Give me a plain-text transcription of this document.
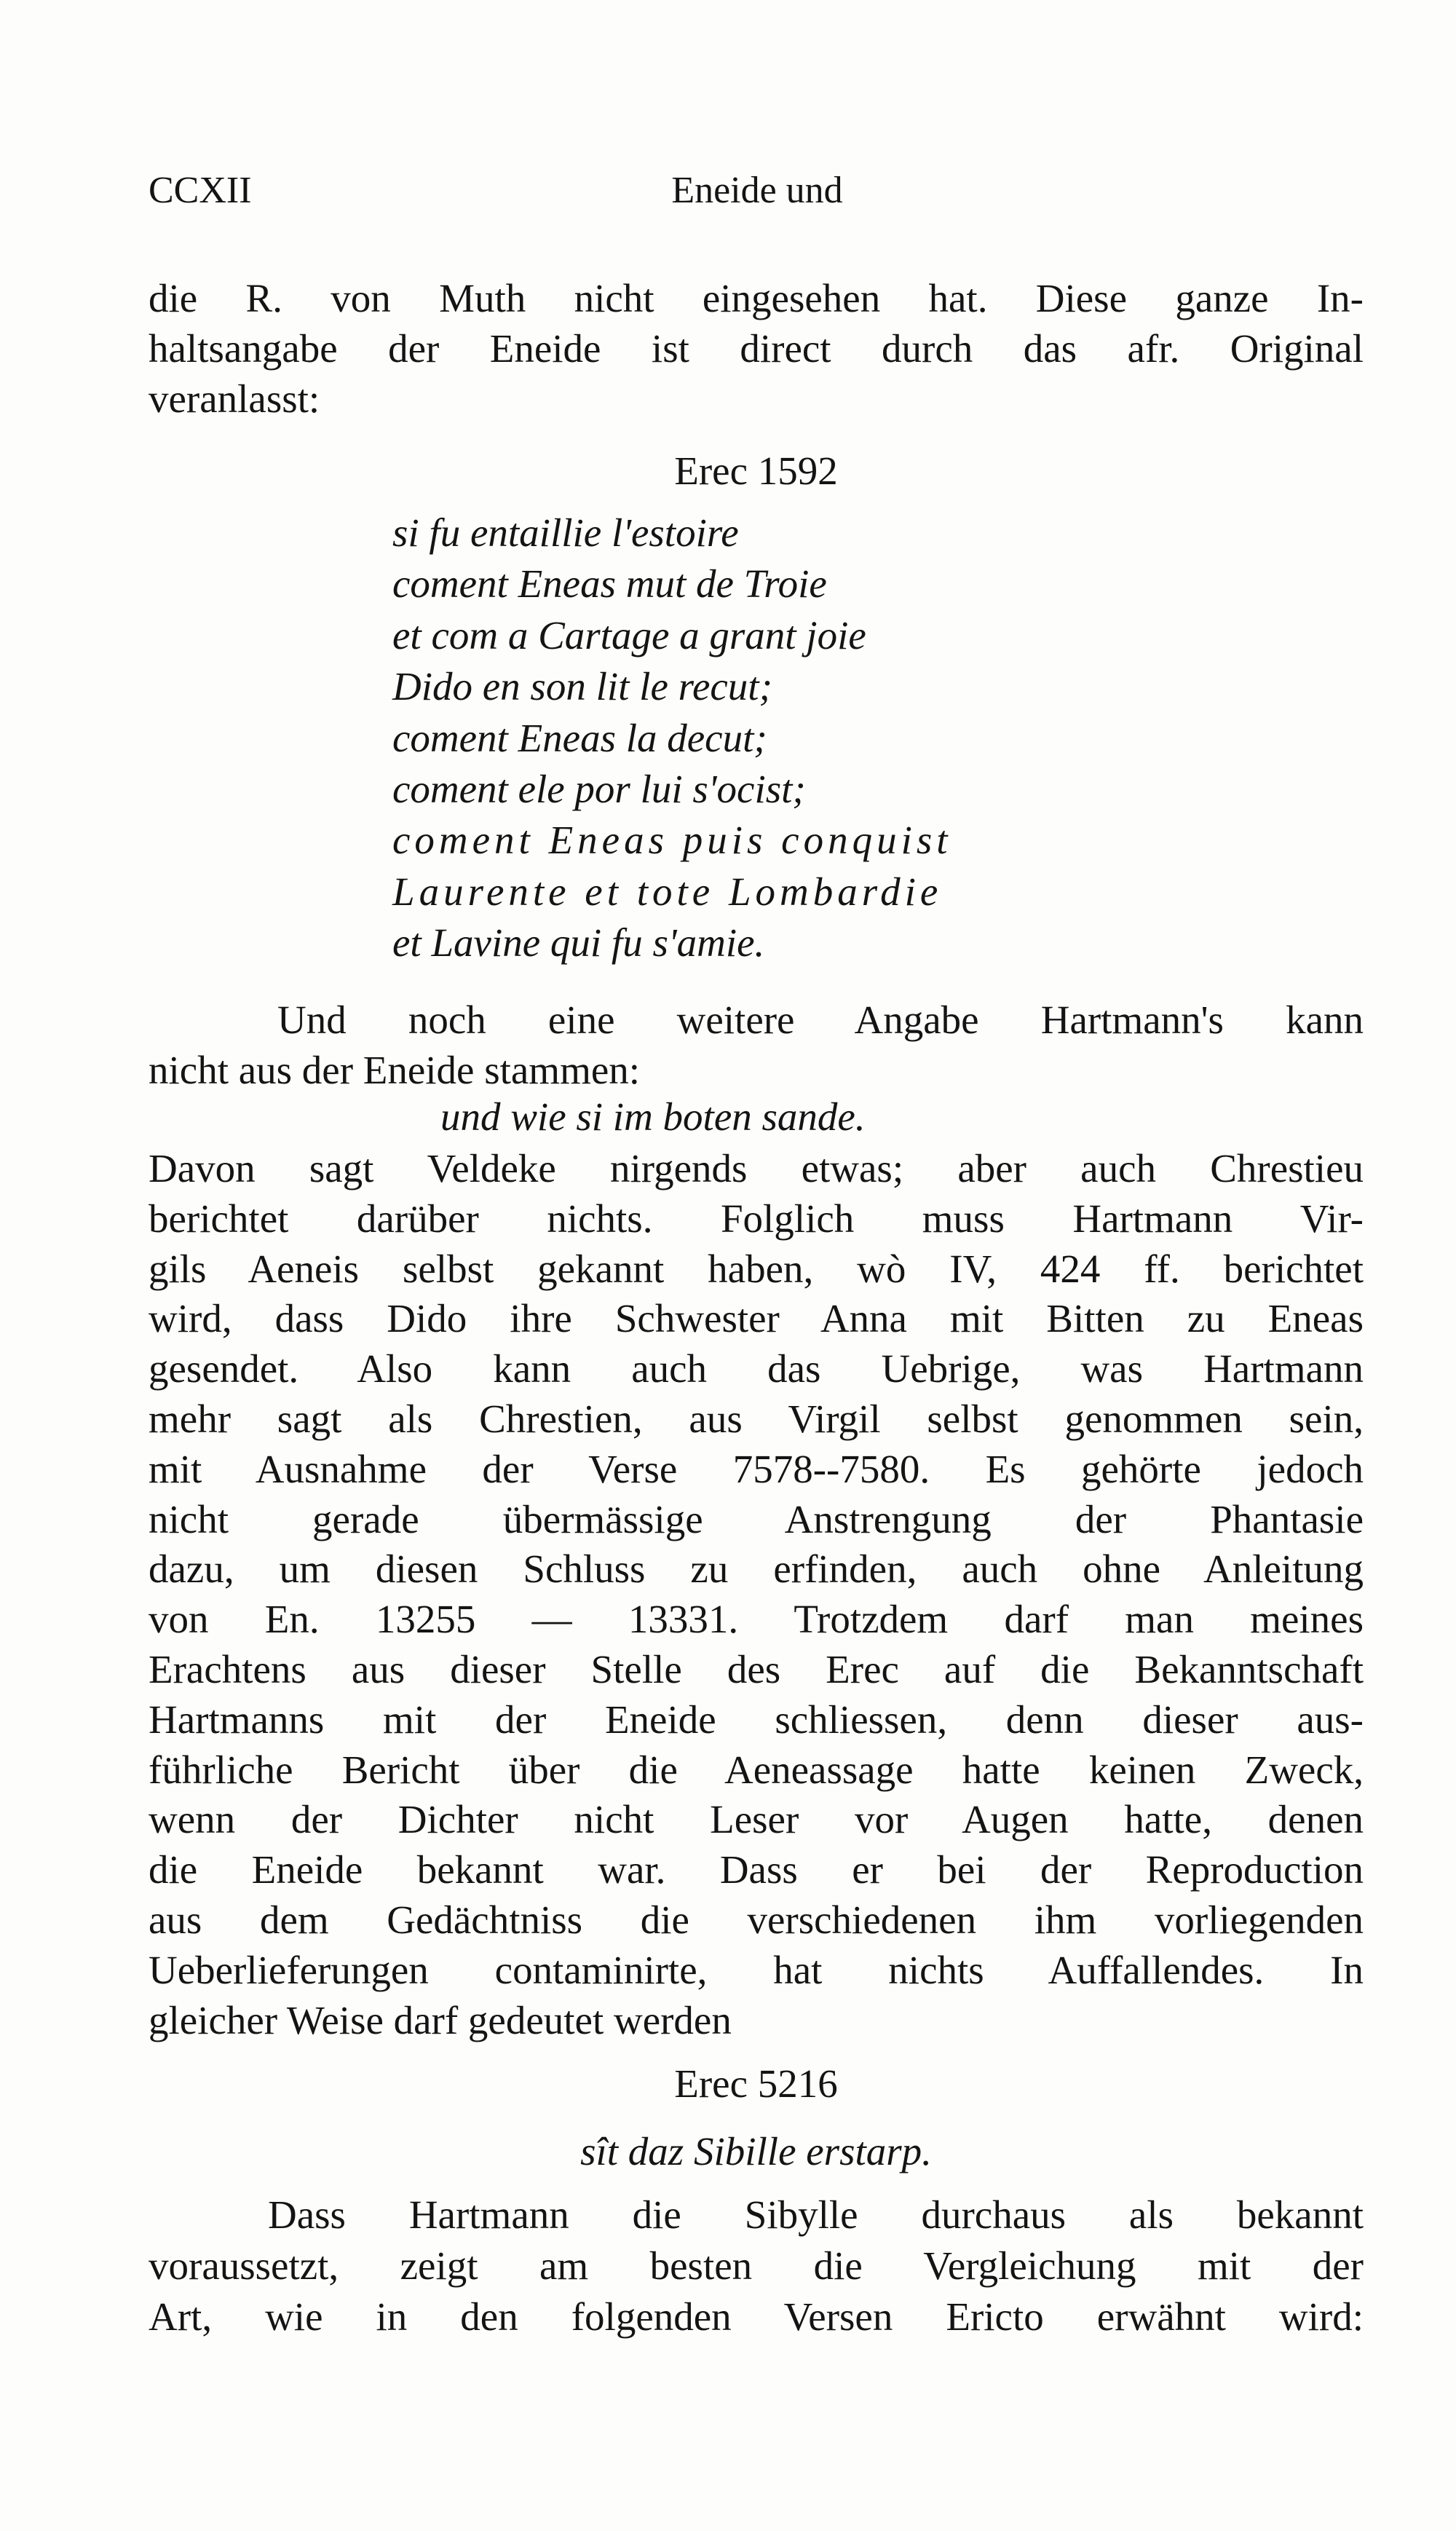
CCXII	Eneide und
die R. von Muth nicht eingesehen hat. Diese ganze In-
haltsangabe der Eneide ist direct durch das afr. Original
veranlasst:
Erec 1592
si fu entaillie l'estoire
coment Eneas mut de Troie
et com a Cartage a grant joie
Dido en son lit le recut;
coment Eneas la decut;
coment ele por lui s'ocist;
coment Eneas puis conquist
Laurente et tote Lombardie
et Lavine qui fu s'amie.
Und noch eine weitere Angabe Hartmann's kann
nicht aus der Eneide stammen:
und wie si im boten sande.
Davon sagt Veldeke nirgends etwas; aber auch Chrestieu
berichtet darüber nichts. Folglich muss Hartmann Vir-
gils Aeneis selbst gekannt haben, wò IV, 424 ff. berichtet
wird, dass Dido ihre Schwester Anna mit Bitten zu Eneas
gesendet. Also kann auch das Uebrige, was Hartmann
mehr sagt als Chrestien, aus Virgil selbst genommen sein,
mit Ausnahme der Verse 7578--7580. Es gehörte jedoch
nicht gerade übermässige Anstrengung der Phantasie
dazu, um diesen Schluss zu erfinden, auch ohne Anleitung
von En. 13255 — 13331. Trotzdem darf man meines
Erachtens aus dieser Stelle des Erec auf die Bekanntschaft
Hartmanns mit der Eneide schliessen, denn dieser aus-
führliche Bericht über die Aeneassage hatte keinen Zweck,
wenn der Dichter nicht Leser vor Augen hatte, denen
die Eneide bekannt war. Dass er bei der Reproduction
aus dem Gedächtniss die verschiedenen ihm vorliegenden
Ueberlieferungen contaminirte, hat nichts Auffallendes. In
gleicher Weise darf gedeutet werden
Erec 5216
sît daz Sibille erstarp.
Dass Hartmann die Sibylle durchaus als bekannt
voraussetzt, zeigt am besten die Vergleichung mit der
Art, wie in den folgenden Versen Ericto erwähnt wird:
